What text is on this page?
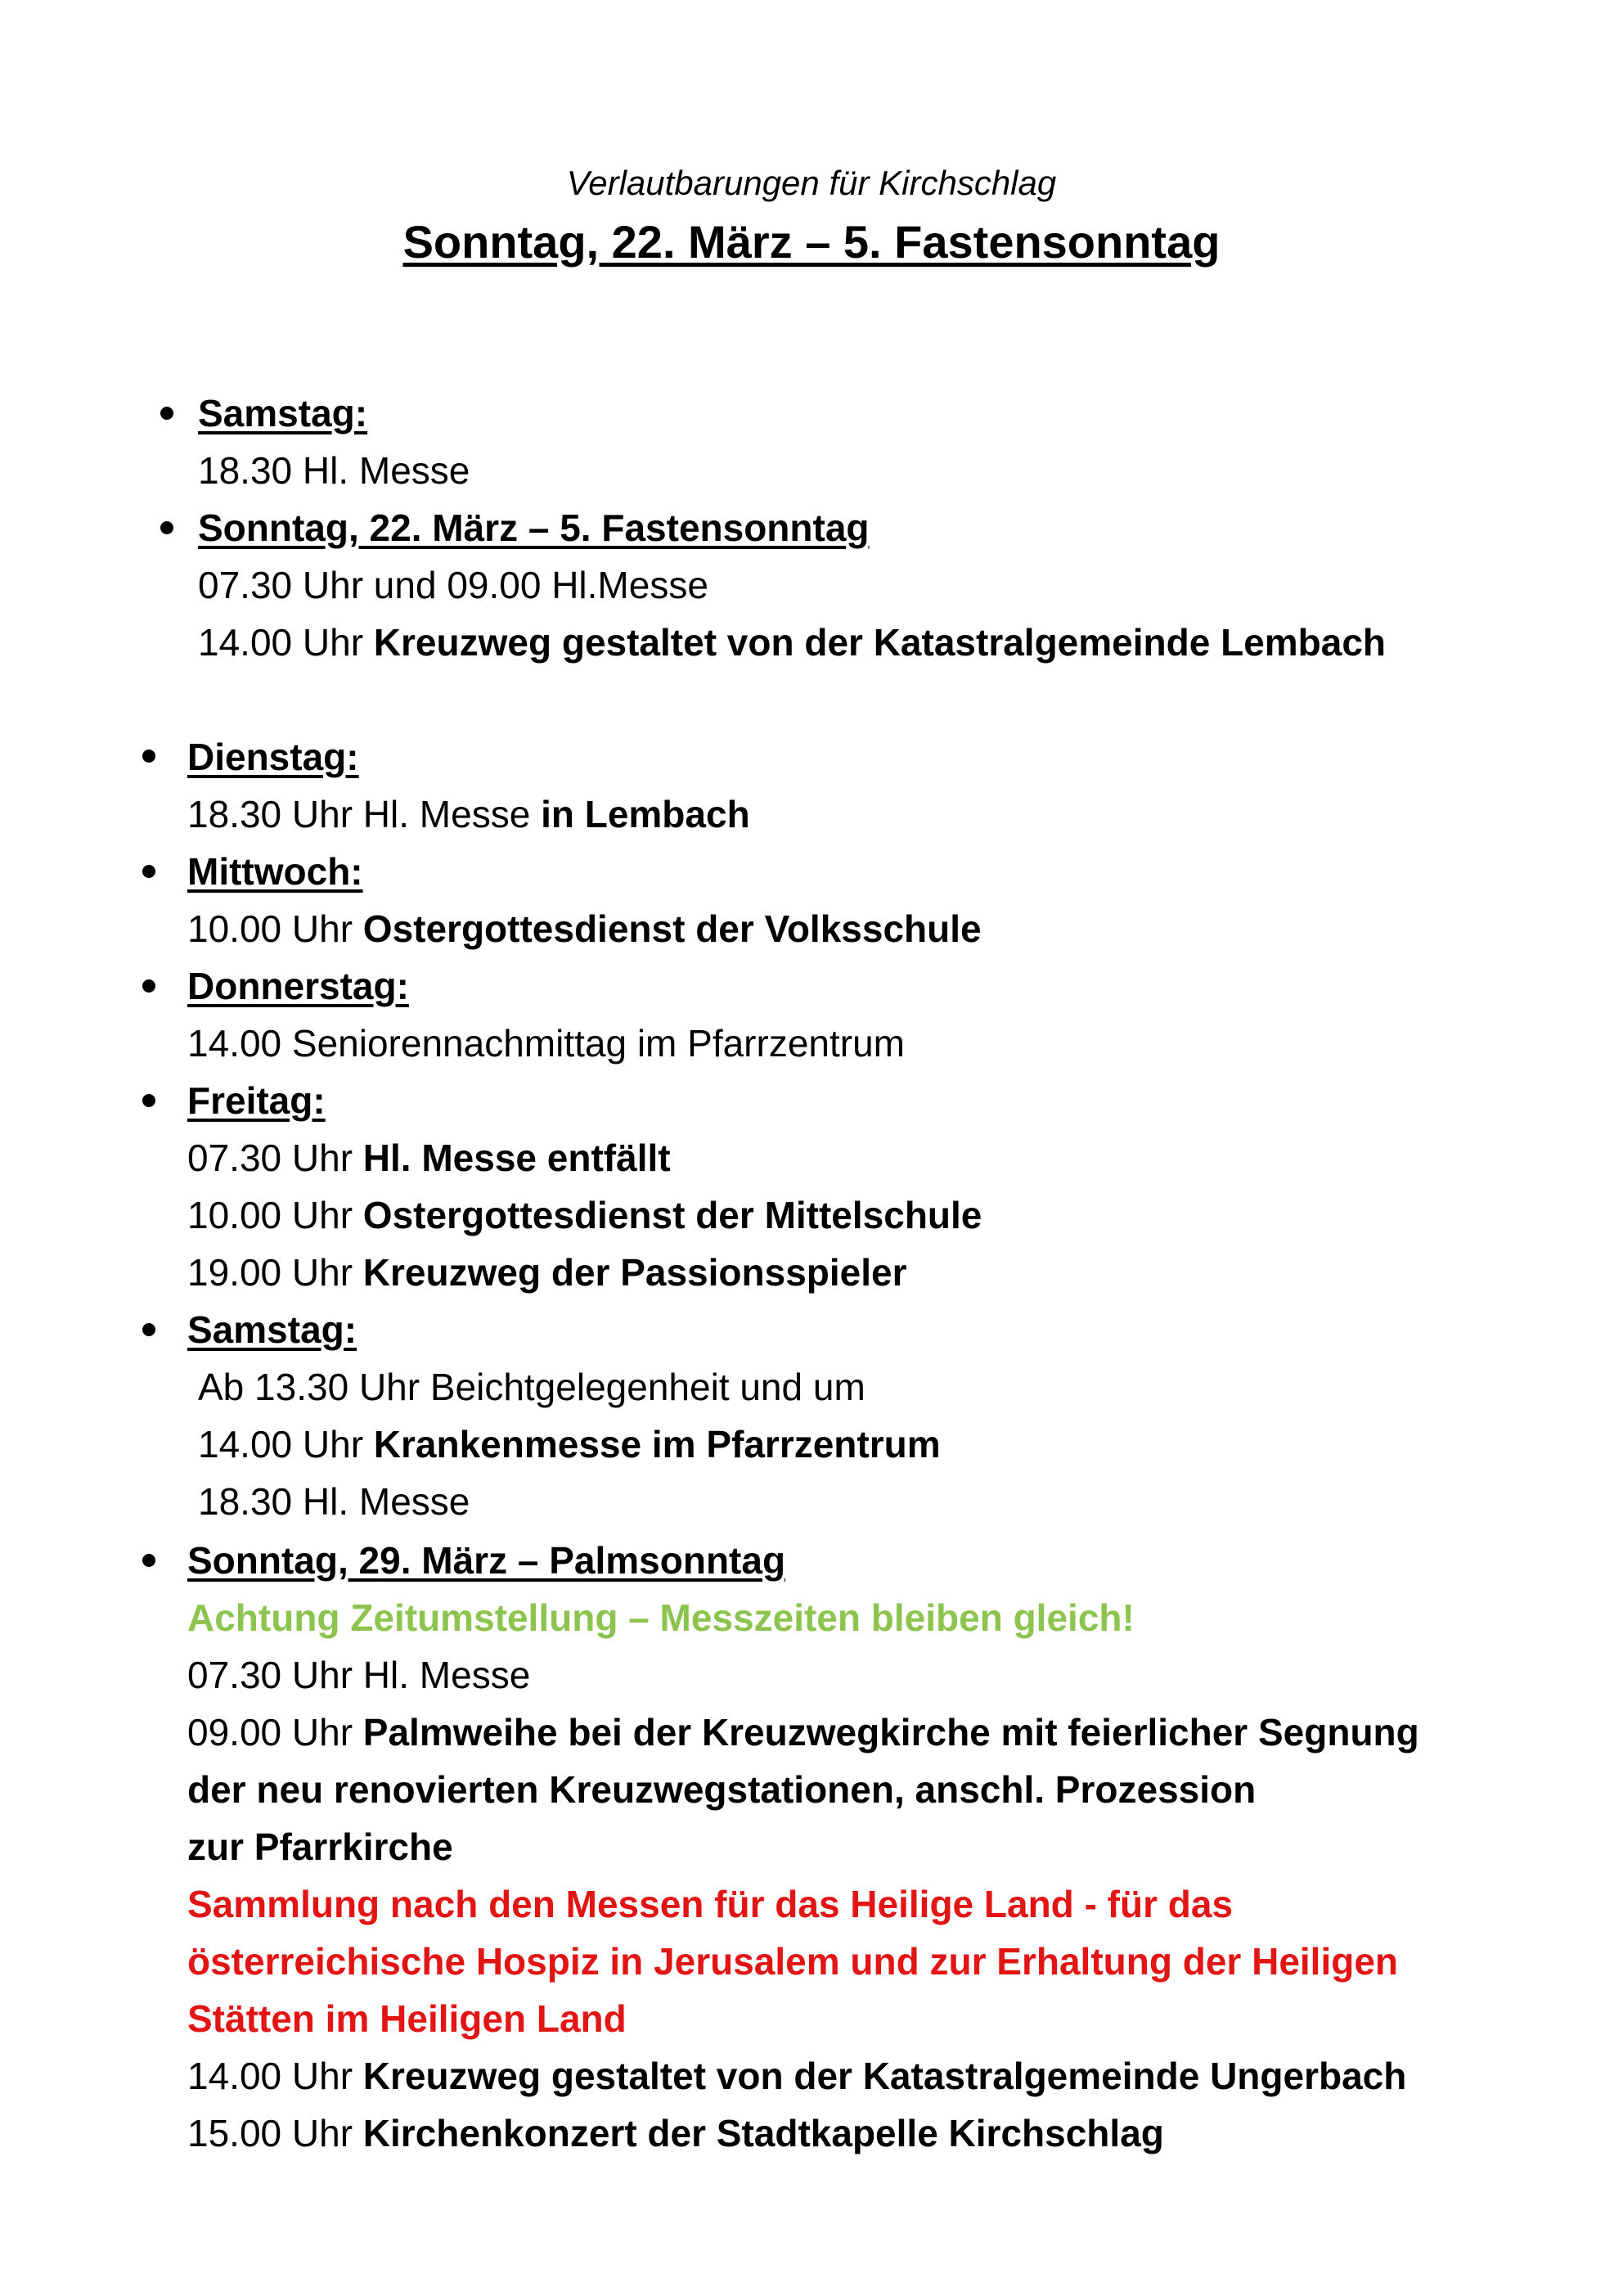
Verlautbarungen für Kirchschlag
Sonntag, 22. März – 5. Fastensonntag
Samstag:
18.30 Hl. Messe
Sonntag, 22. März – 5. Fastensonntag
07.30 Uhr und 09.00 Hl.Messe
14.00 Uhr Kreuzweg gestaltet von der Katastralgemeinde Lembach
Dienstag:
18.30 Uhr Hl. Messe in Lembach
Mittwoch:
10.00 Uhr Ostergottesdienst der Volksschule
Donnerstag:
14.00 Seniorennachmittag im Pfarrzentrum
Freitag:
07.30 Uhr Hl. Messe entfällt
10.00 Uhr Ostergottesdienst der Mittelschule
19.00 Uhr Kreuzweg der Passionsspieler
Samstag:
Ab 13.30 Uhr Beichtgelegenheit und um
14.00 Uhr Krankenmesse im Pfarrzentrum
18.30 Hl. Messe
Sonntag, 29. März – Palmsonntag
Achtung Zeitumstellung – Messzeiten bleiben gleich!
07.30 Uhr Hl. Messe
09.00 Uhr Palmweihe bei der Kreuzwegkirche mit feierlicher Segnung
der neu renovierten Kreuzwegstationen, anschl. Prozession
zur Pfarrkirche
Sammlung nach den Messen für das Heilige Land - für das
österreichische Hospiz in Jerusalem und zur Erhaltung der Heiligen
Stätten im Heiligen Land
14.00 Uhr Kreuzweg gestaltet von der Katastralgemeinde Ungerbach
15.00 Uhr Kirchenkonzert der Stadtkapelle Kirchschlag
